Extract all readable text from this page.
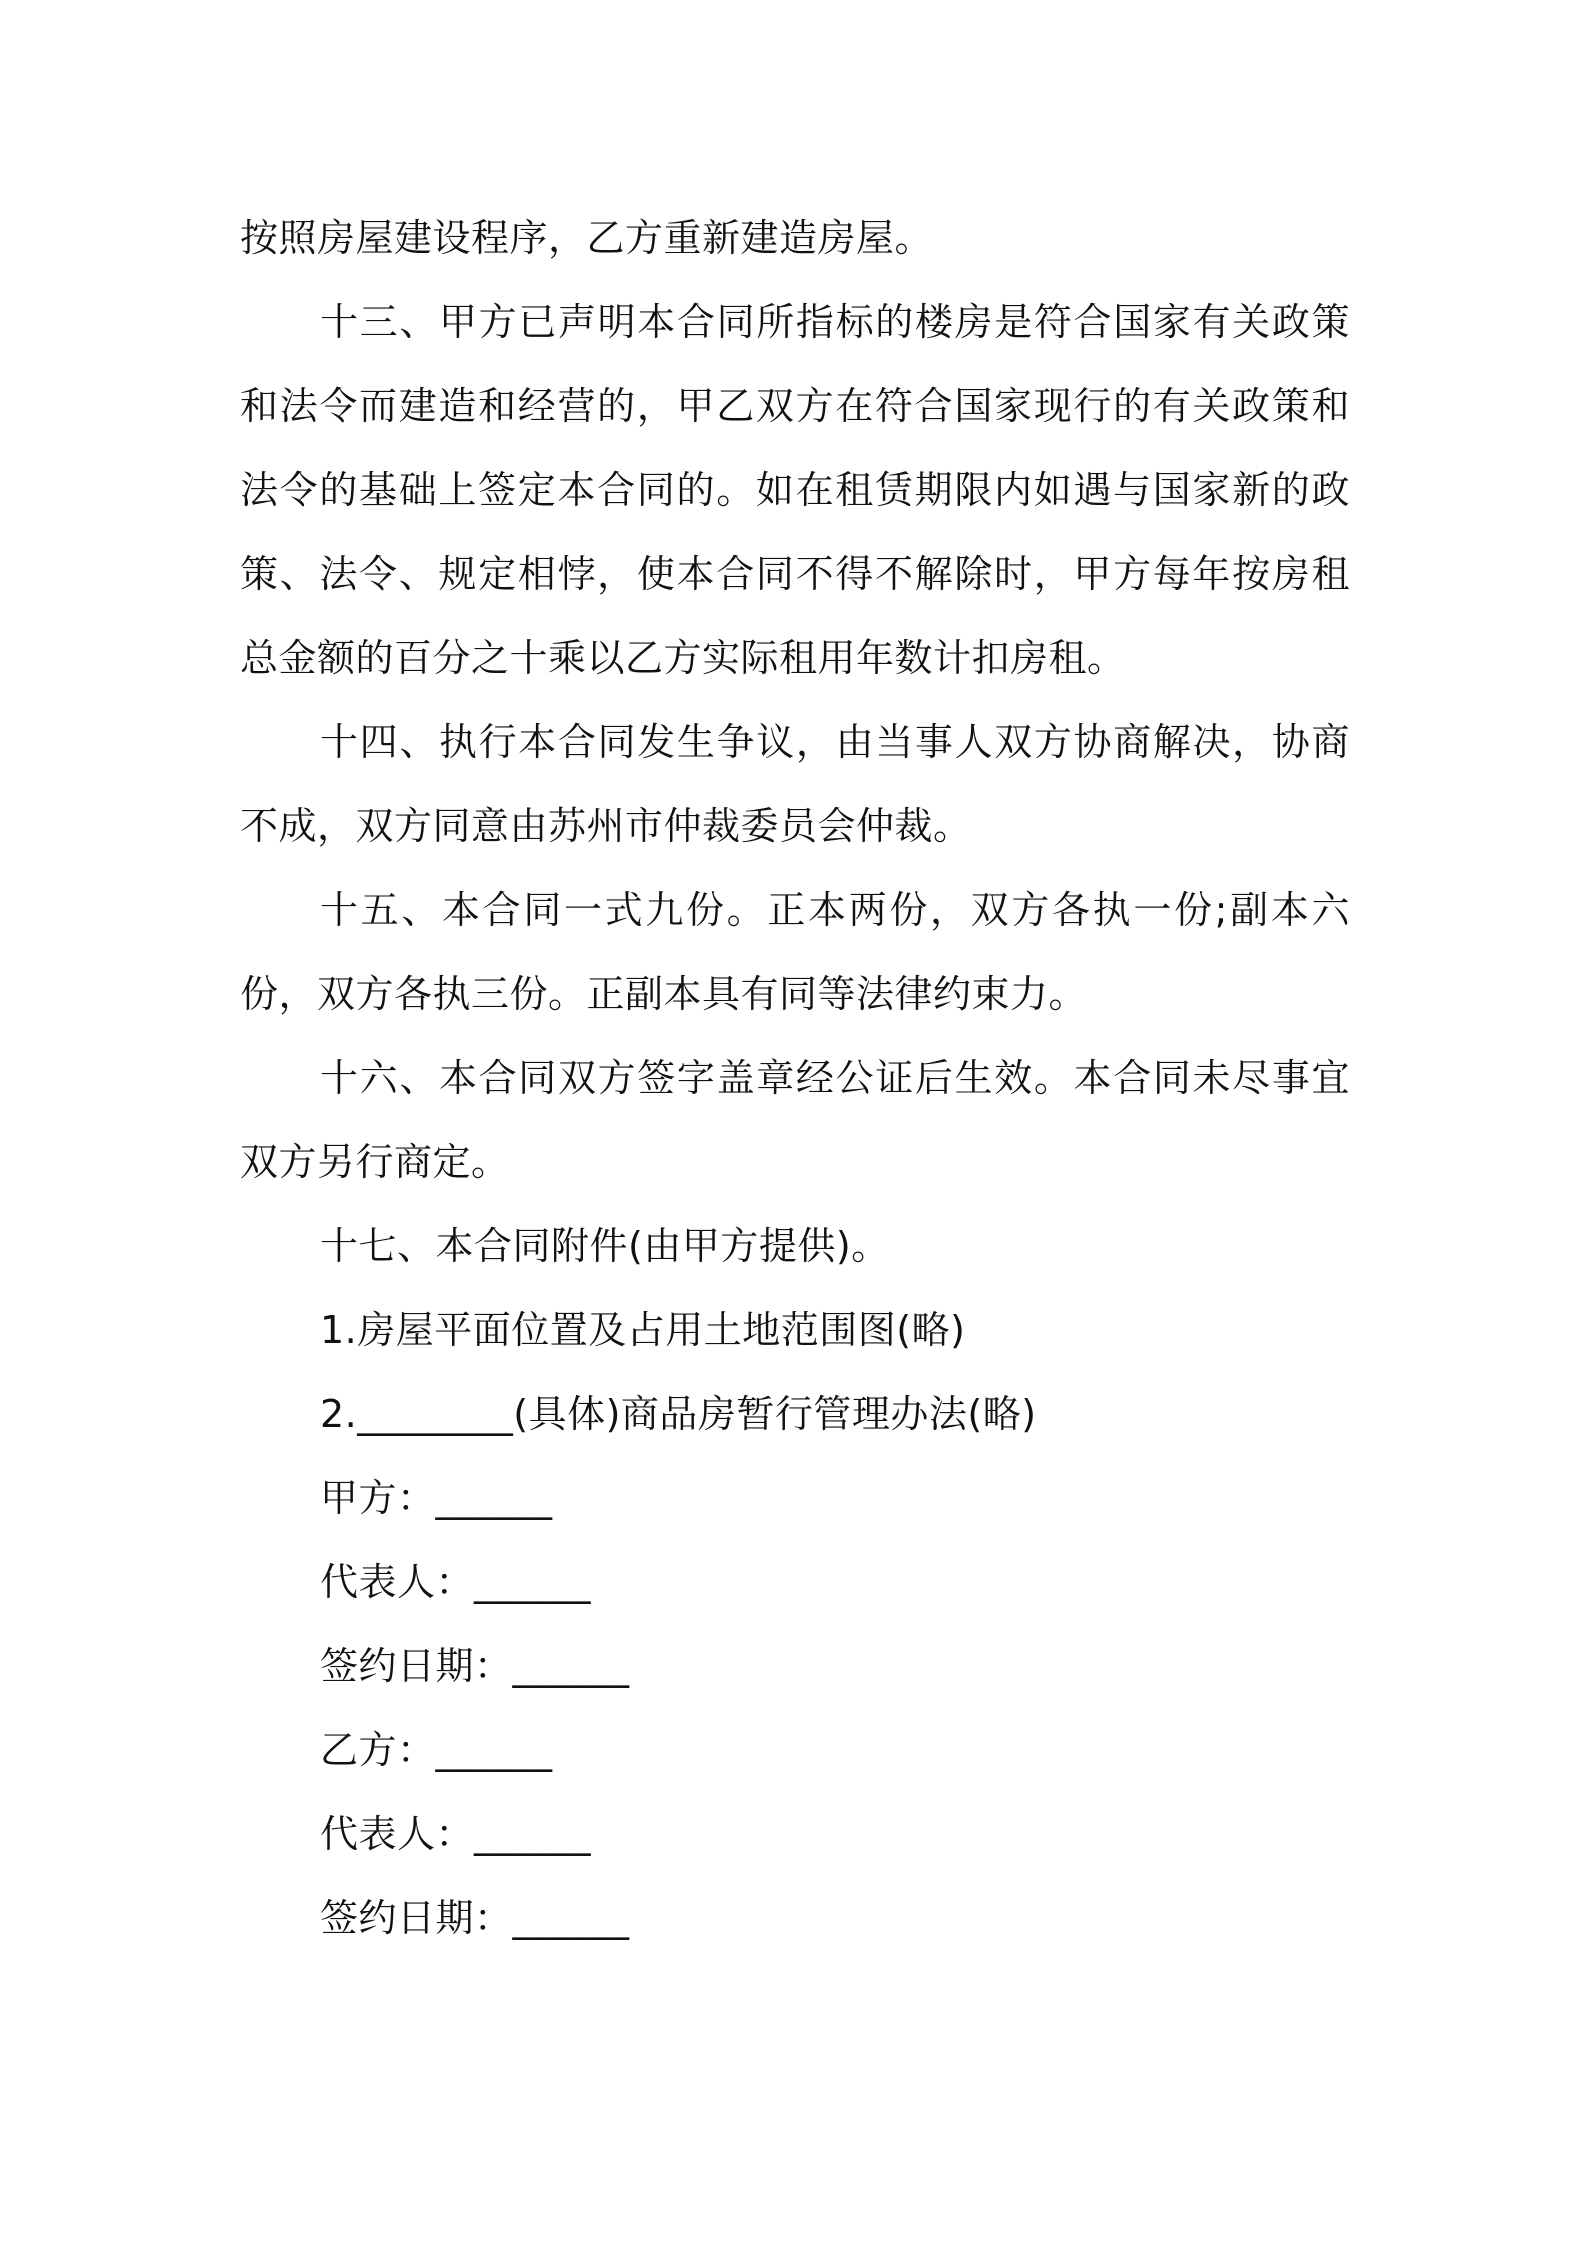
按照房屋建设程序，乙方重新建造房屋。

十三、甲方已声明本合同所指标的楼房是符合国家有关政策和法令而建造和经营的，甲乙双方在符合国家现行的有关政策和法令的基础上签定本合同的。如在租赁期限内如遇与国家新的政策、法令、规定相悖，使本合同不得不解除时，甲方每年按房租总金额的百分之十乘以乙方实际租用年数计扣房租。

十四、执行本合同发生争议，由当事人双方协商解决，协商不成，双方同意由苏州市仲裁委员会仲裁。

十五、本合同一式九份。正本两份，双方各执一份;副本六份，双方各执三份。正副本具有同等法律约束力。

十六、本合同双方签字盖章经公证后生效。本合同未尽事宜双方另行商定。

十七、本合同附件(由甲方提供)。

1.房屋平面位置及占用土地范围图(略)

2.________(具体)商品房暂行管理办法(略)

甲方：______

代表人：______

签约日期：______

乙方：______

代表人：______

签约日期：______
